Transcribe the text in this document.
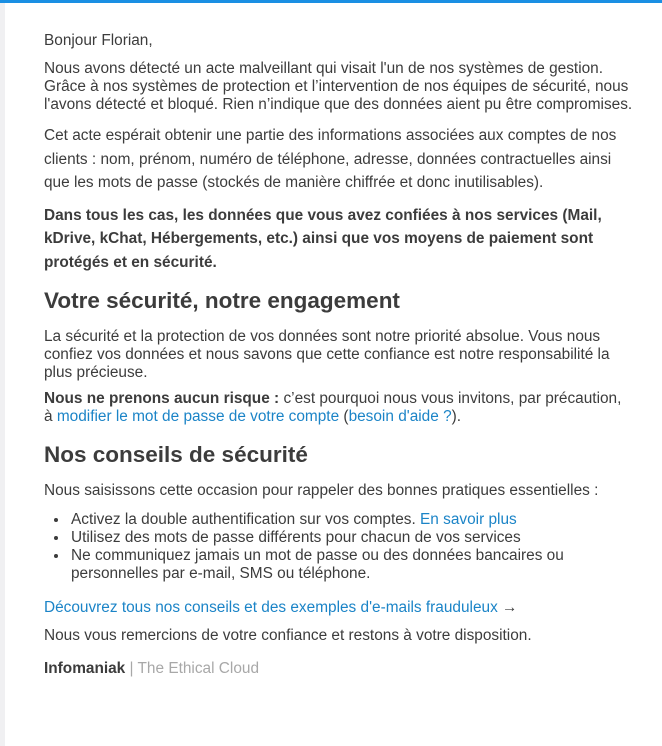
Bonjour Florian,

Nous avons détecté un acte malveillant qui visait l'un de nos systèmes de gestion. Grâce à nos systèmes de protection et l’intervention de nos équipes de sécurité, nous l'avons détecté et bloqué. Rien n’indique que des données aient pu être compromises.

Cet acte espérait obtenir une partie des informations associées aux comptes de nos clients : nom, prénom, numéro de téléphone, adresse, données contractuelles ainsi que les mots de passe (stockés de manière chiffrée et donc inutilisables).

Dans tous les cas, les données que vous avez confiées à nos services (Mail, kDrive, kChat, Hébergements, etc.) ainsi que vos moyens de paiement sont protégés et en sécurité.

Votre sécurité, notre engagement

La sécurité et la protection de vos données sont notre priorité absolue. Vous nous confiez vos données et nous savons que cette confiance est notre responsabilité la plus précieuse.

Nous ne prenons aucun risque : c’est pourquoi nous vous invitons, par précaution, à modifier le mot de passe de votre compte (besoin d'aide ?).

Nos conseils de sécurité

Nous saisissons cette occasion pour rappeler des bonnes pratiques essentielles :

• Activez la double authentification sur vos comptes. En savoir plus
• Utilisez des mots de passe différents pour chacun de vos services
• Ne communiquez jamais un mot de passe ou des données bancaires ou personnelles par e-mail, SMS ou téléphone.

Découvrez tous nos conseils et des exemples d'e-mails frauduleux →

Nous vous remercions de votre confiance et restons à votre disposition.

Infomaniak | The Ethical Cloud
